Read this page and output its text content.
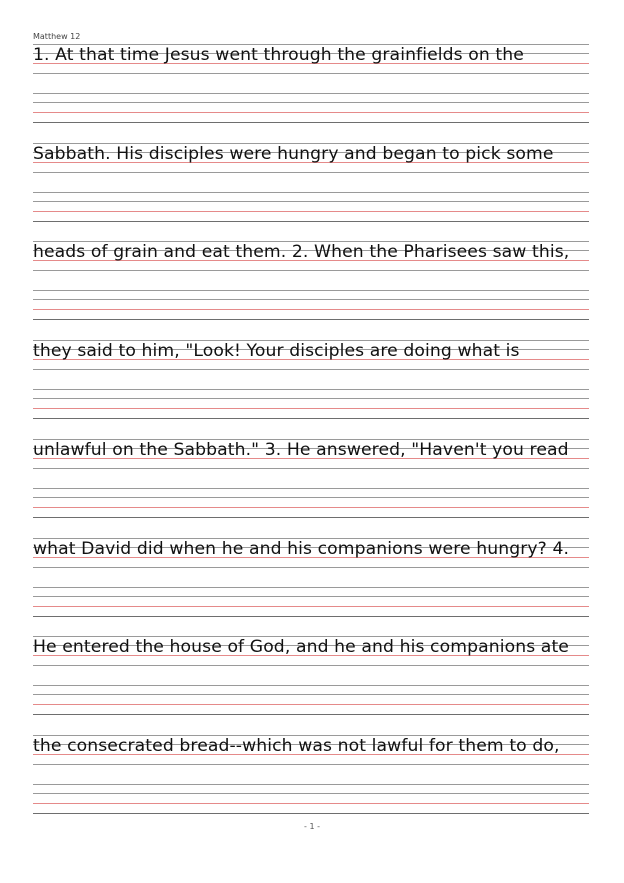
Matthew 12
1. At that time Jesus went through the grainfields on the
Sabbath. His disciples were hungry and began to pick some
heads of grain and eat them. 2. When the Pharisees saw this,
they said to him, "Look! Your disciples are doing what is
unlawful on the Sabbath." 3. He answered, "Haven't you read
what David did when he and his companions were hungry? 4.
He entered the house of God, and he and his companions ate
the consecrated bread--which was not lawful for them to do,
- 1 -
